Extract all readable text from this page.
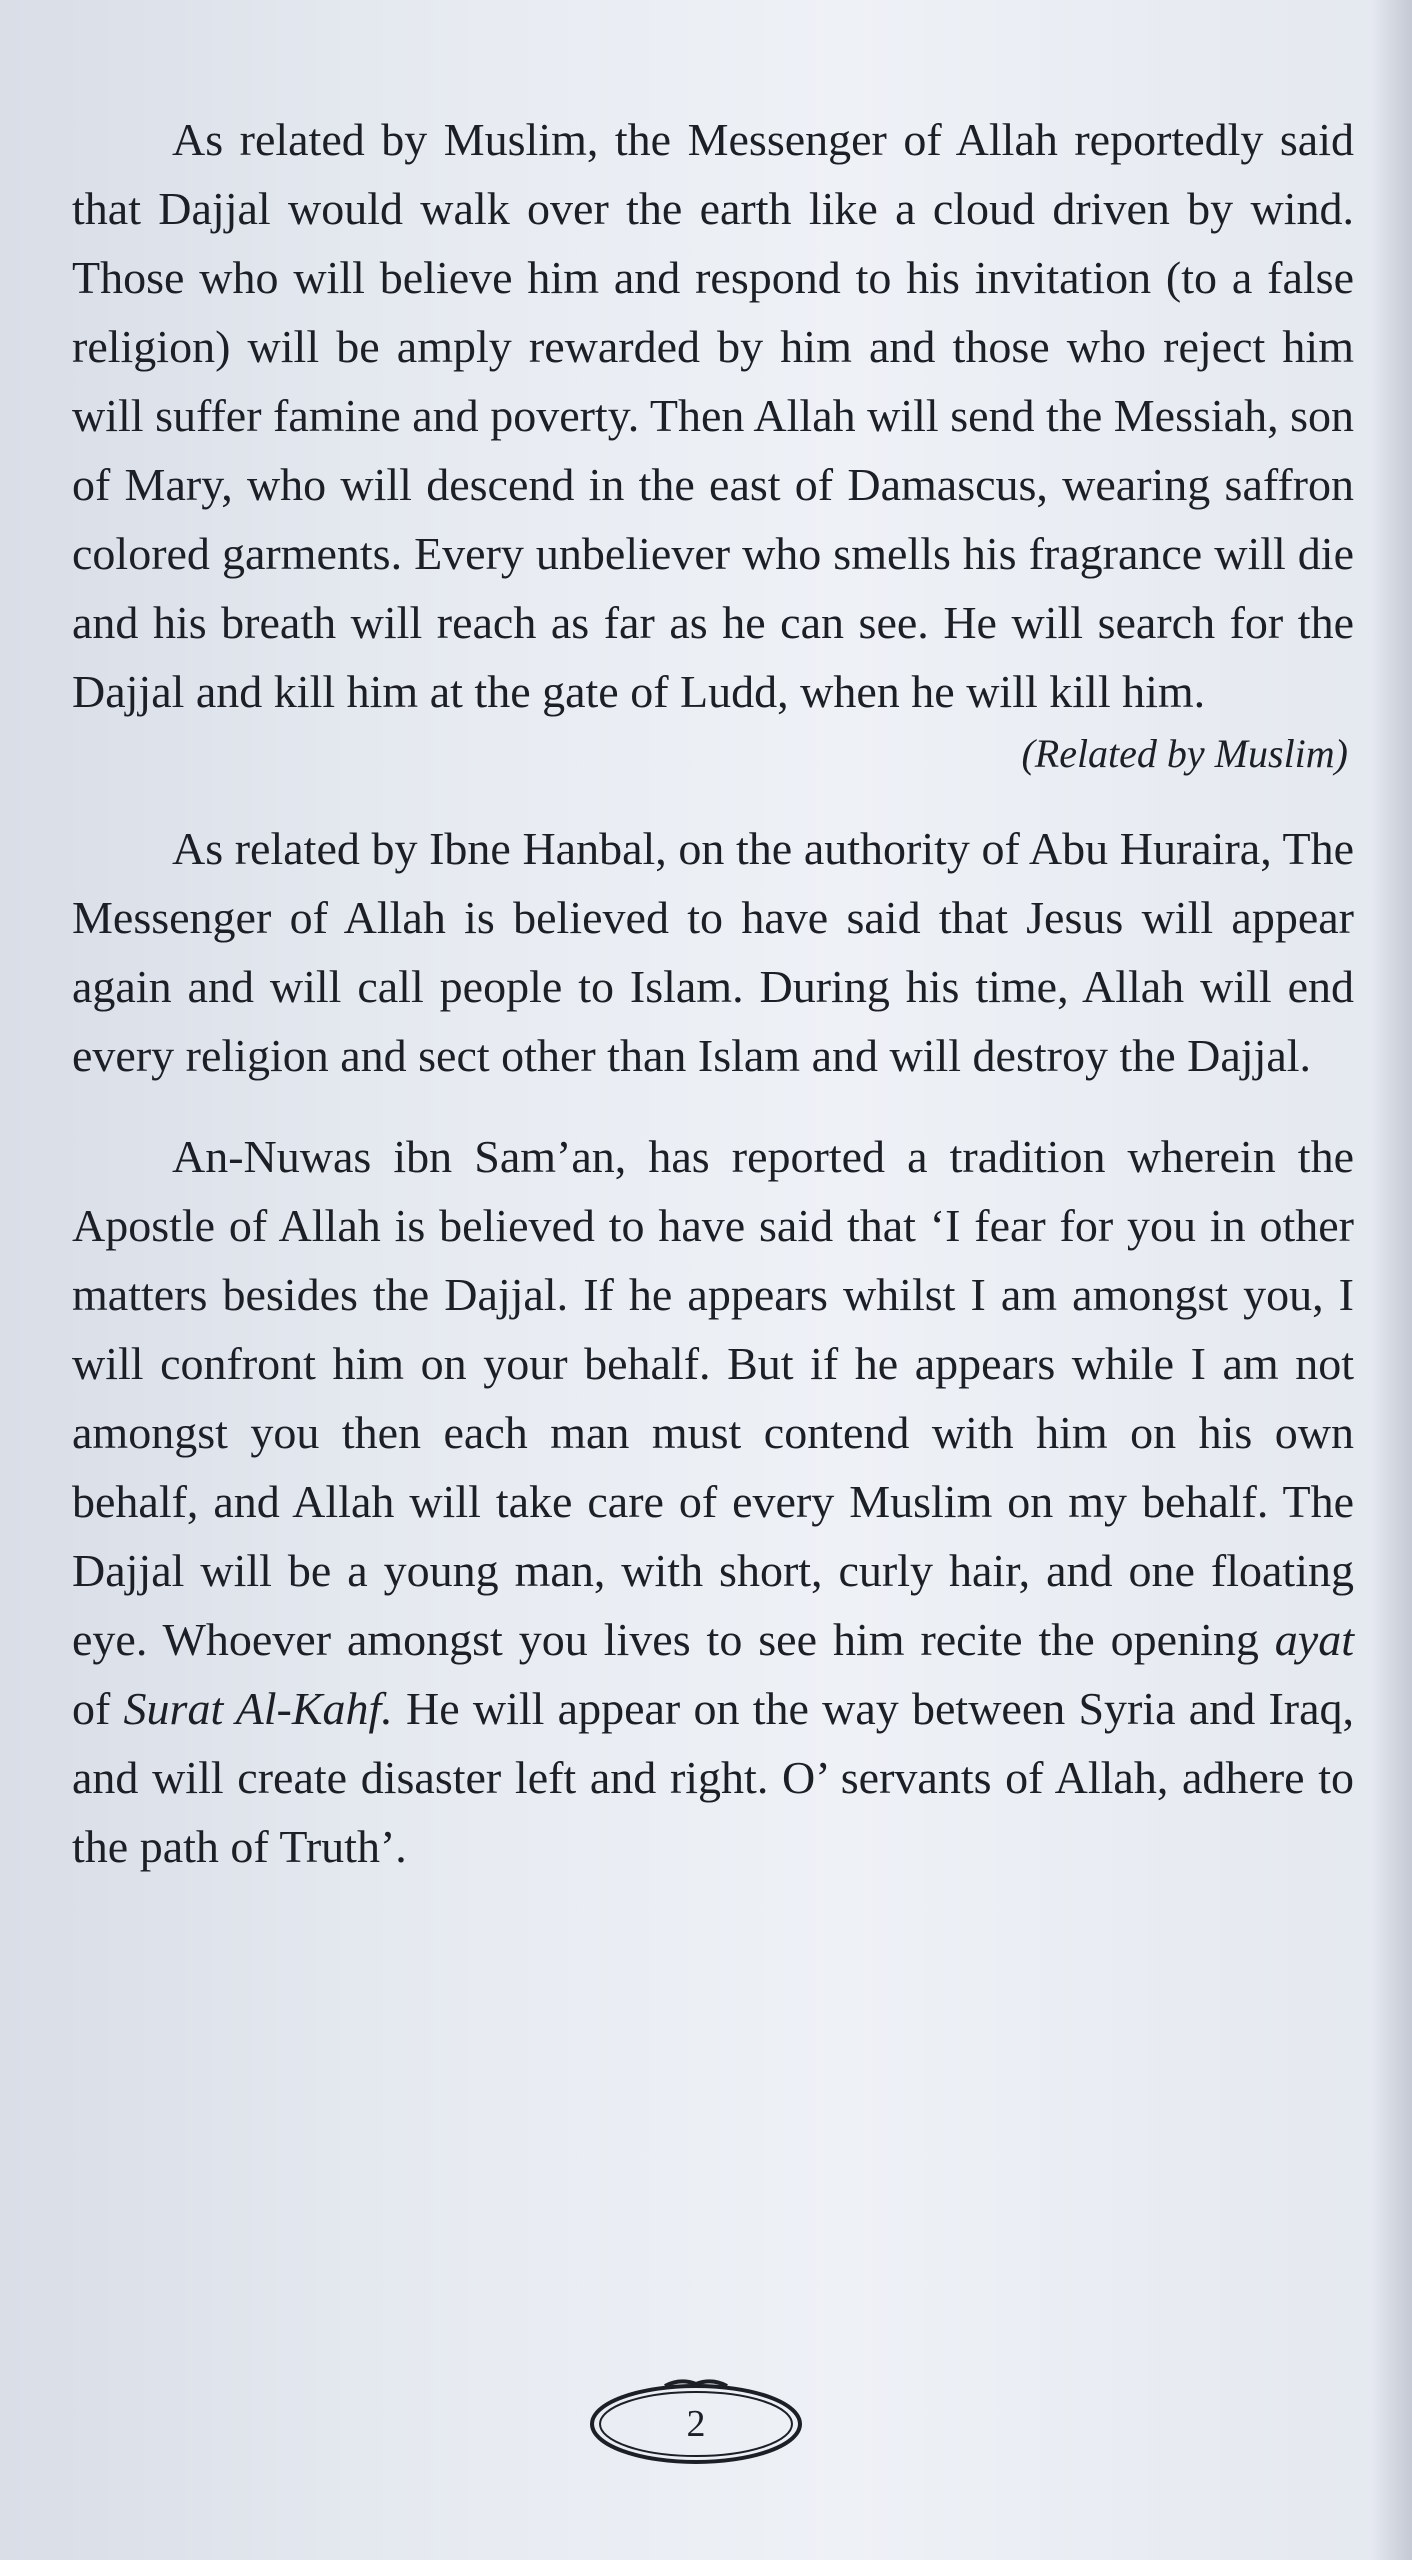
As related by Muslim, the Messenger of Allah reportedly said that Dajjal would walk over the earth like a cloud driven by wind. Those who will believe him and respond to his invitation (to a false religion) will be amply rewarded by him and those who reject him will suffer famine and poverty. Then Allah will send the Messiah, son of Mary, who will descend in the east of Damascus, wearing saffron colored garments. Every unbeliever who smells his fragrance will die and his breath will reach as far as he can see. He will search for the Dajjal and kill him at the gate of Ludd, when he will kill him.

(Related by Muslim)

As related by Ibne Hanbal, on the authority of Abu Huraira, The Messenger of Allah is believed to have said that Jesus will appear again and will call people to Islam. During his time, Allah will end every religion and sect other than Islam and will destroy the Dajjal.

An-Nuwas ibn Sam’an, has reported a tradition wherein the Apostle of Allah is believed to have said that ‘I fear for you in other matters besides the Dajjal. If he appears whilst I am amongst you, I will confront him on your behalf. But if he appears while I am not amongst you then each man must contend with him on his own behalf, and Allah will take care of every Muslim on my behalf. The Dajjal will be a young man, with short, curly hair, and one floating eye. Whoever amongst you lives to see him recite the opening ayat of Surat Al-Kahf. He will appear on the way between Syria and Iraq, and will create disaster left and right. O’ servants of Allah, adhere to the path of Truth’.

2
